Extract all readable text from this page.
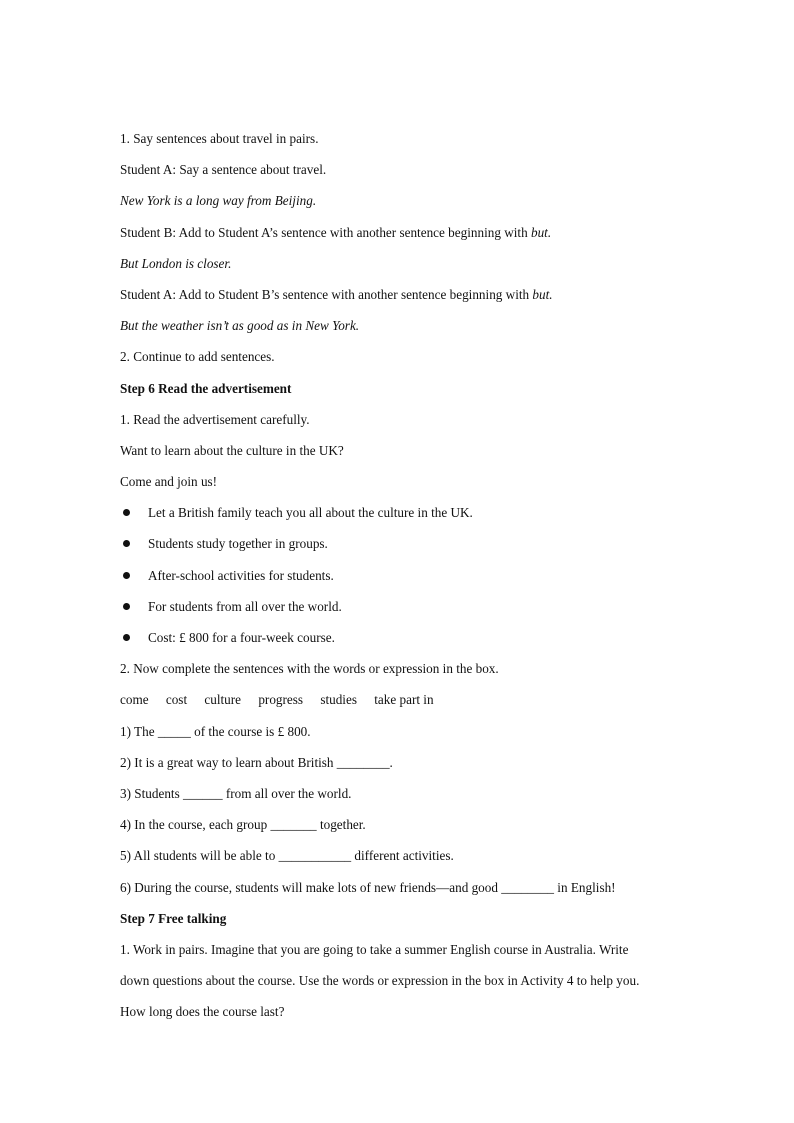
1. Say sentences about travel in pairs.
Student A: Say a sentence about travel.
New York is a long way from Beijing.
Student B: Add to Student A’s sentence with another sentence beginning with but.
But London is closer.
Student A: Add to Student B’s sentence with another sentence beginning with but.
But the weather isn’t as good as in New York.
2. Continue to add sentences.
Step 6 Read the advertisement
1. Read the advertisement carefully.
Want to learn about the culture in the UK?
Come and join us!
Let a British family teach you all about the culture in the UK.
Students study together in groups.
After-school activities for students.
For students from all over the world.
Cost: £ 800 for a four-week course.
2. Now complete the sentences with the words or expression in the box.
come cost culture progress studies take part in
1) The _____ of the course is £ 800.
2) It is a great way to learn about British ________.
3) Students ______ from all over the world.
4) In the course, each group _______ together.
5) All students will be able to ___________ different activities.
6) During the course, students will make lots of new friends—and good ________ in English!
Step 7 Free talking
1. Work in pairs. Imagine that you are going to take a summer English course in Australia. Write
down questions about the course. Use the words or expression in the box in Activity 4 to help you.
How long does the course last?
